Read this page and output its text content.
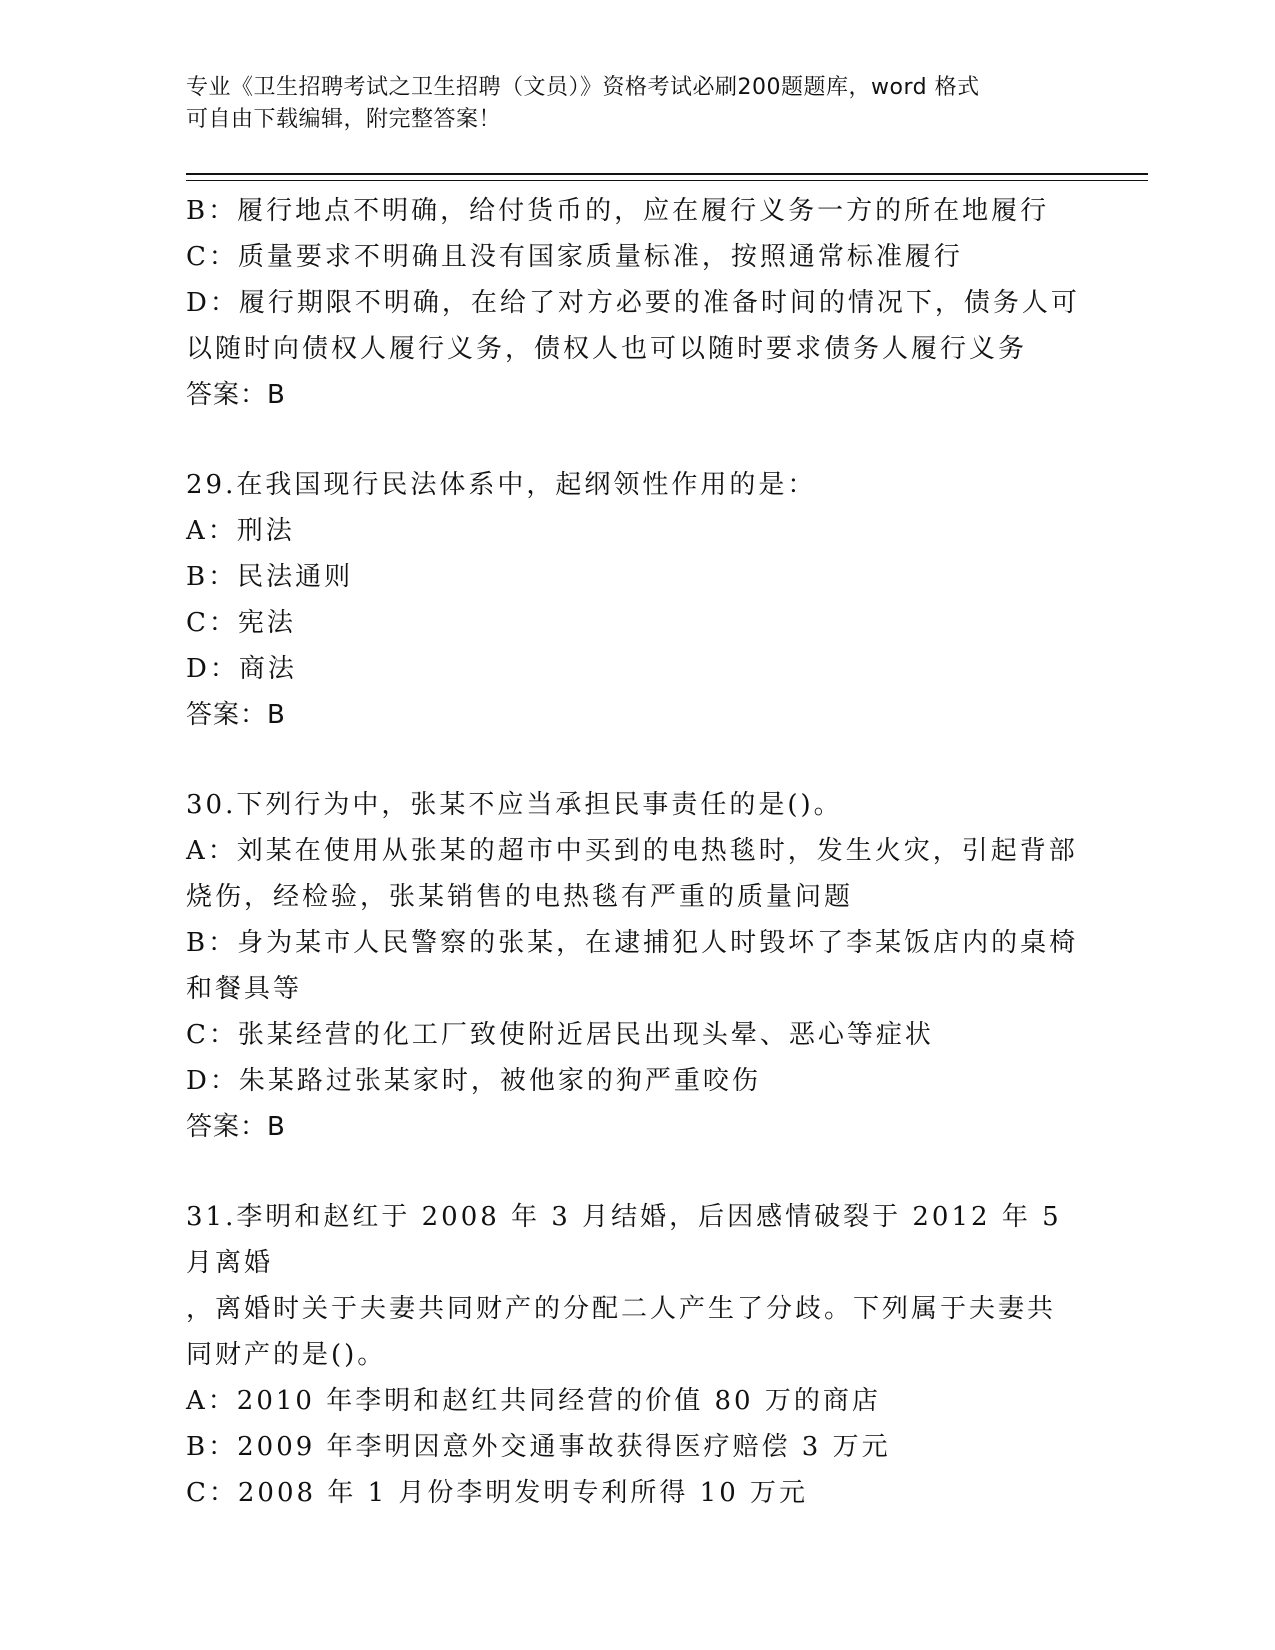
专业《卫生招聘考试之卫生招聘（文员）》资格考试必刷200题题库，word 格式
可自由下载编辑，附完整答案！

B：履行地点不明确，给付货币的，应在履行义务一方的所在地履行

C：质量要求不明确且没有国家质量标准，按照通常标准履行

D：履行期限不明确，在给了对方必要的准备时间的情况下，债务人可

以随时向债权人履行义务，债权人也可以随时要求债务人履行义务

答案：B

29.在我国现行民法体系中，起纲领性作用的是：

A：刑法

B：民法通则

C：宪法

D：商法

答案：B

30.下列行为中，张某不应当承担民事责任的是()。

A：刘某在使用从张某的超市中买到的电热毯时，发生火灾，引起背部

烧伤，经检验，张某销售的电热毯有严重的质量问题

B：身为某市人民警察的张某，在逮捕犯人时毁坏了李某饭店内的桌椅

和餐具等

C：张某经营的化工厂致使附近居民出现头晕、恶心等症状

D：朱某路过张某家时，被他家的狗严重咬伤

答案：B

31.李明和赵红于 2008 年 3 月结婚，后因感情破裂于 2012 年 5 月离婚

，离婚时关于夫妻共同财产的分配二人产生了分歧。下列属于夫妻共

同财产的是()。

A：2010 年李明和赵红共同经营的价值 80 万的商店

B：2009 年李明因意外交通事故获得医疗赔偿 3 万元

C：2008 年 1 月份李明发明专利所得 10 万元
